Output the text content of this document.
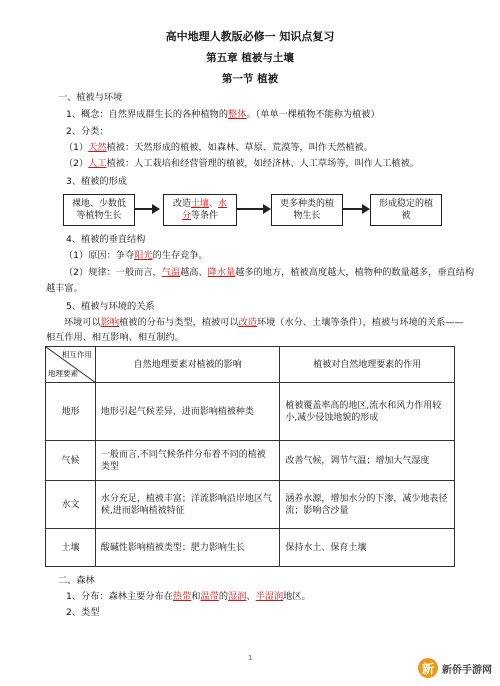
高中地理人教版必修一 知识点复习
第五章 植被与土壤
第一节 植被
一、植被与环境
1、概念：自然界成群生长的各种植物的整体。（单单一棵植物不能称为植被）
2、分类：
（1）天然植被：天然形成的植被，如森林、草原、荒漠等，叫作天然植被。
（2）人工植被：人工栽培和经营管理的植被，如经济林、人工草场等，叫作人工植被。
3、植被的形成
裸地、少数低
等植物生长
改造土壤、水
分等条件
更多种类的植
物生长
形成稳定的植
被
4、植被的垂直结构
（1）原因：争夺阳光的生存竞争。
（2）规律：一般而言，气温越高、降水量越多的地方，植被高度越大，植物种的数量越多，垂直结构
越丰富。
5、植被与环境的关系
环境可以影响植被的分布与类型，植被可以改造环境（水分、土壤等条件），植被与环境的关系——
相互作用、相互影响、相互制约。
相互作用
地理要素	自然地理要素对植被的影响	植被对自然地理要素的作用
地形	地形引起气候差异，进而影响植被种类	植被覆盖率高的地区,流水和风力作用较小,减少侵蚀地貌的形成
气候	一般而言,不同气候条件分布着不同的植被类型	改善气候，调节气温；增加大气湿度
水文	水分充足，植被丰富；洋流影响沿岸地区气候,进而影响植被特征	涵养水源，增加水分的下渗，减少地表径流；影响含沙量
土壤	酸碱性影响植被类型；肥力影响生长	保持水土、保育土壤
二、森林
1、分布：森林主要分布在热带和温带的湿润、半湿润地区。
2、类型
1
新 新侨手游网
